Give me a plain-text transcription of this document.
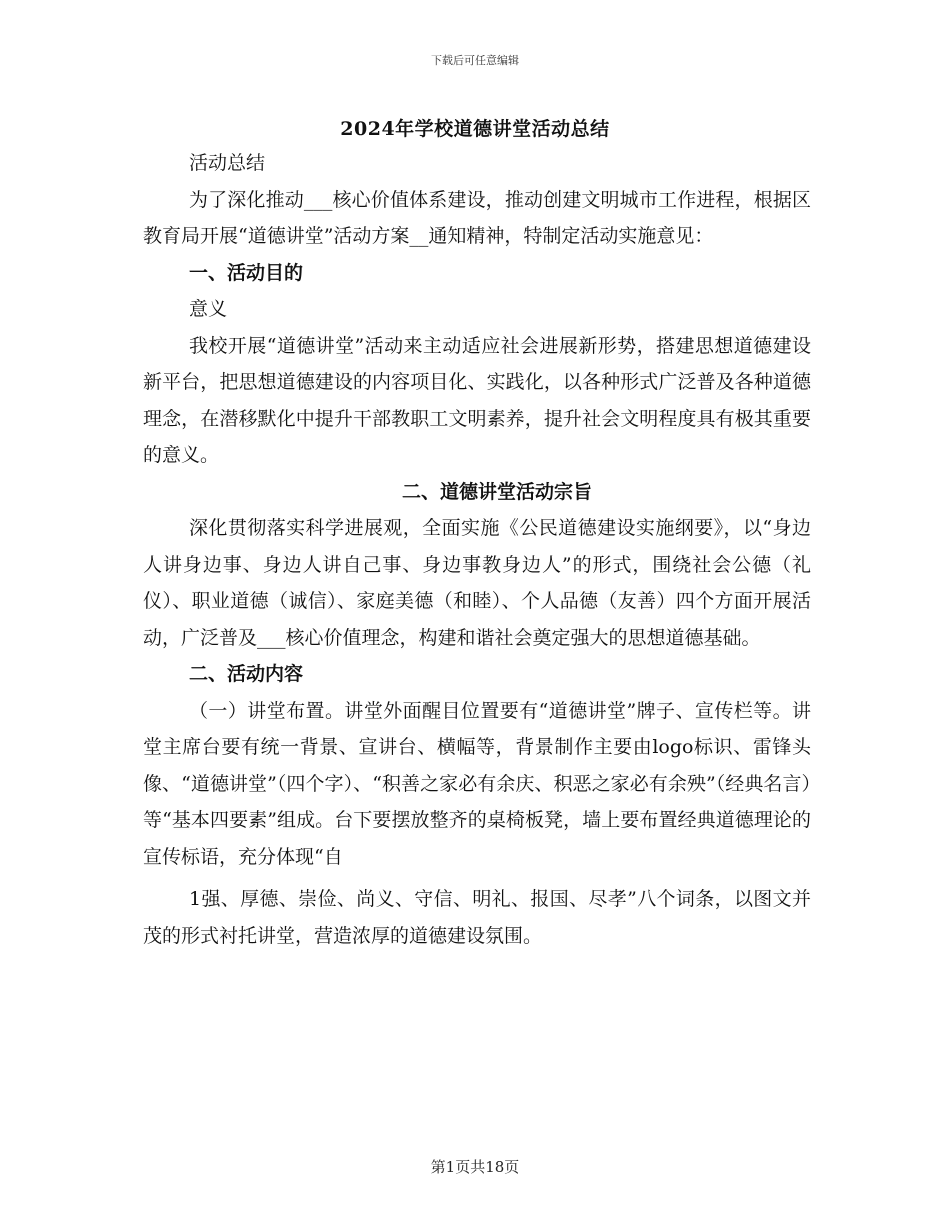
下载后可任意编辑
2024年学校道德讲堂活动总结

活动总结

为了深化推动___核心价值体系建设，推动创建文明城市工作进程，根据区教育局开展“道德讲堂”活动方案__通知精神，特制定活动实施意见：

一、活动目的

意义

我校开展“道德讲堂”活动来主动适应社会进展新形势，搭建思想道德建设新平台，把思想道德建设的内容项目化、实践化，以各种形式广泛普及各种道德理念，在潜移默化中提升干部教职工文明素养，提升社会文明程度具有极其重要的意义。

二、道德讲堂活动宗旨

深化贯彻落实科学进展观，全面实施《公民道德建设实施纲要》，以“身边人讲身边事、身边人讲自己事、身边事教身边人”的形式，围绕社会公德（礼仪）、职业道德（诚信）、家庭美德（和睦）、个人品德（友善）四个方面开展活动，广泛普及___核心价值理念，构建和谐社会奠定强大的思想道德基础。

二、活动内容

（一）讲堂布置。讲堂外面醒目位置要有“道德讲堂”牌子、宣传栏等。讲堂主席台要有统一背景、宣讲台、横幅等，背景制作主要由logo标识、雷锋头像、“道德讲堂”（四个字）、“积善之家必有余庆、积恶之家必有余殃”（经典名言）等“基本四要素”组成。台下要摆放整齐的桌椅板凳，墙上要布置经典道德理论的宣传标语，充分体现“自

1强、厚德、崇俭、尚义、守信、明礼、报国、尽孝”八个词条，以图文并茂的形式衬托讲堂，营造浓厚的道德建设氛围。

第1页共18页
